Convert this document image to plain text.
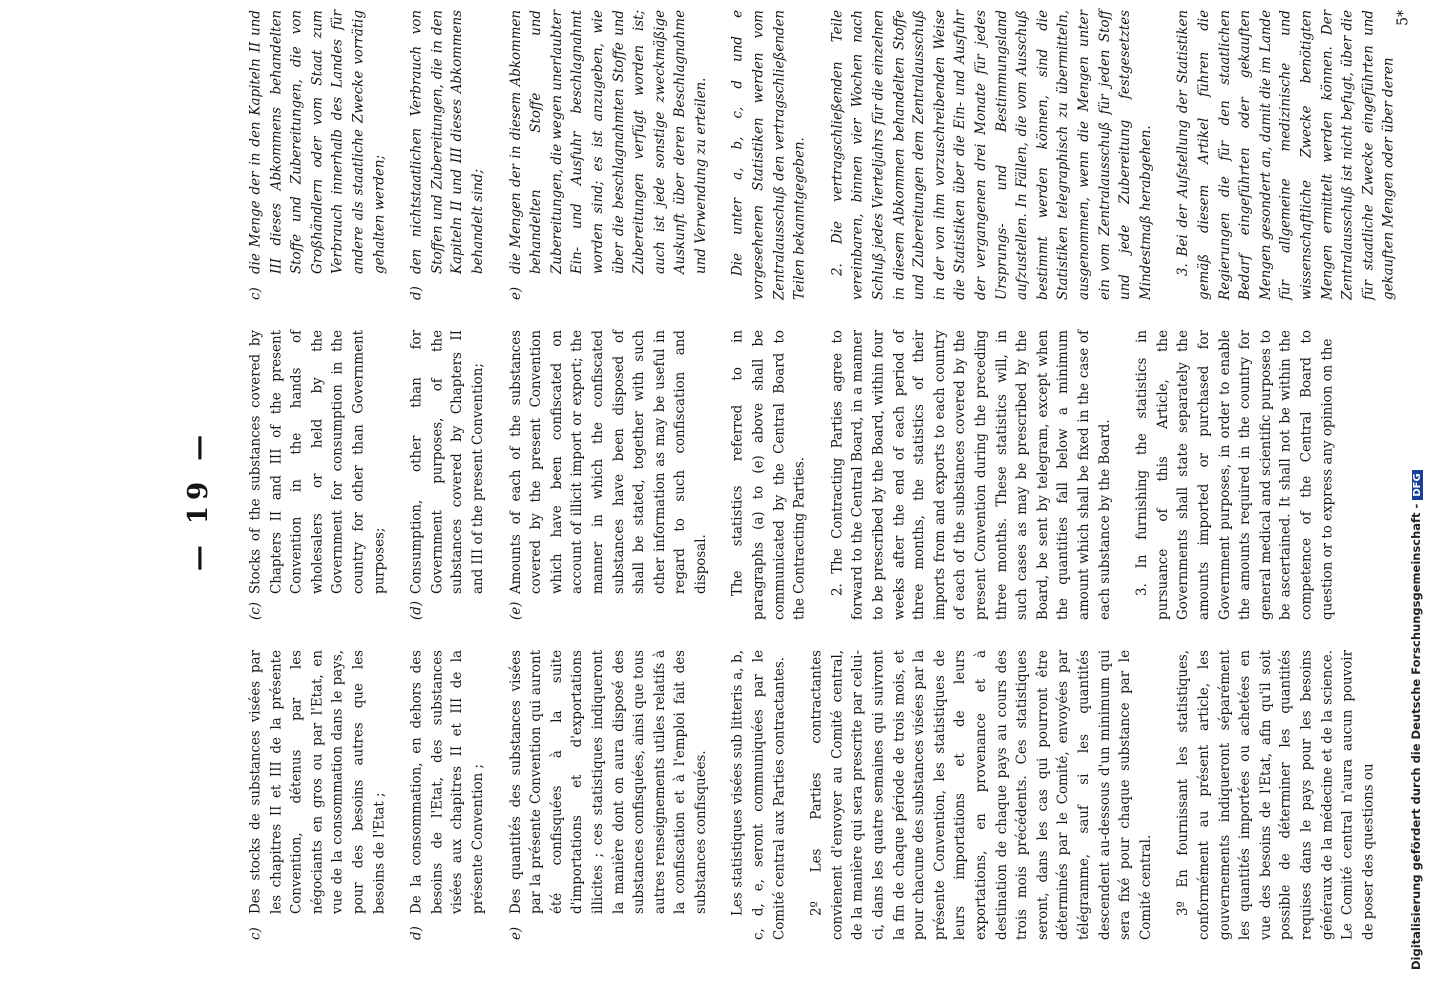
— 19 —
c)
Des stocks de substances visées par les chapitres II et III de la présente Convention, détenus par les négociants en gros ou par l'Etat, en vue de la consommation dans le pays, pour des besoins autres que les besoins de l'Etat ;
d)
De la consommation, en dehors des besoins de l'Etat, des substances visées aux chapitres II et III de la présente Convention ;
e)
Des quantités des substances visées par la présente Convention qui auront été confisquées à la suite d'importations et d'exportations illicites ; ces statistiques indiqueront la manière dont on aura disposé des substances confisquées, ainsi que tous autres renseignements utiles relatifs à la confiscation et à l'emploi fait des substances confisquées. Les statistiques visées sub litteris a, b, c, d, e, seront communiquées par le Comité central aux Parties contractantes. 2º Les Parties contractantes convienent d'envoyer au Comité central, de la manière qui sera prescrite par celui-ci, dans les quatre semaines qui suivront la fin de chaque période de trois mois, et pour chacune des substances visées par la présente Convention, les statistiques de leurs importations et de leurs exportations, en provenance et à destination de chaque pays au cours des trois mois précédents. Ces statistiques seront, dans les cas qui pourront être déterminés par le Comité, envoyées par télégramme, sauf si les quantités descendent au-dessous d'un minimum qui sera fixé pour chaque substance par le Comité central. 3º En fournissant les statistiques, conformément au présent article, les gouvernements indiqueront séparément les quantités importées ou achetées en vue des besoins de l'Etat, afin qu'il soit possible de déterminer les quantités requises dans le pays pour les besoins généraux de la médecine et de la science. Le Comité central n'aura aucun pouvoir de poser des questions ou
(c)
Stocks of the substances covered by Chapters II and III of the present Convention in the hands of wholesalers or held by the Government for consumption in the country for other than Government purposes;
(d)
Consumption, other than for Government purposes, of the substances covered by Chapters II and III of the present Convention;
(e)
Amounts of each of the substances covered by the present Convention which have been confiscated on account of illicit import or export; the manner in which the confiscated substances have been disposed of shall be stated, together with such other information as may be useful in regard to such confiscation and disposal. The statistics referred to in paragraphs (a) to (e) above shall be communicated by the Central Board to the Contracting Parties. 2. The Contracting Parties agree to forward to the Central Board, in a manner to be prescribed by the Board, within four weeks after the end of each period of three months, the statistics of their imports from and exports to each country of each of the substances covered by the present Convention during the preceding three months. These statistics will, in such cases as may be prescribed by the Board, be sent by telegram, except when the quantities fall below a minimum amount which shall be fixed in the case of each substance by the Board. 3. In furnishing the statistics in pursuance of this Article, the Governments shall state separately the amounts imported or purchased for Government purposes, in order to enable the amounts required in the country for general medical and scientific purposes to be ascertained. It shall not be within the competence of the Central Board to question or to express any opinion on the
c)
die Menge der in den Kapiteln II und III dieses Abkommens behandelten Stoffe und Zubereitungen, die von Großhändlern oder vom Staat zum Verbrauch innerhalb des Landes für andere als staatliche Zwecke vorrätig gehalten werden;
d)
den nichtstaatlichen Verbrauch von Stoffen und Zubereitungen, die in den Kapiteln II und III dieses Abkommens behandelt sind;
e)
die Mengen der in diesem Abkommen behandelten Stoffe und Zubereitungen, die wegen unerlaubter Ein- und Ausfuhr beschlagnahmt worden sind; es ist anzugeben, wie über die beschlagnahmten Stoffe und Zubereitungen verfügt worden ist; auch ist jede sonstige zweckmäßige Auskunft über deren Beschlagnahme und Verwendung zu erteilen. Die unter a, b, c, d und e vorgesehenen Statistiken werden vom Zentralausschuß den vertragschließenden Teilen bekanntgegeben. 2. Die vertragschließenden Teile vereinbaren, binnen vier Wochen nach Schluß jedes Vierteljahrs für die einzelnen in diesem Abkommen behandelten Stoffe und Zubereitungen dem Zentralausschuß in der von ihm vorzuschreibenden Weise die Statistiken über die Ein- und Ausfuhr der vergangenen drei Monate für jedes Ursprungs- und Bestimmungsland aufzustellen. In Fällen, die vom Ausschuß bestimmt werden können, sind die Statistiken telegraphisch zu übermitteln, ausgenommen, wenn die Mengen unter ein vom Zentralausschuß für jeden Stoff und jede Zubereitung festgesetztes Mindestmaß herabgehen. 3. Bei der Aufstellung der Statistiken gemäß diesem Artikel führen die Regierungen die für den staatlichen Bedarf eingeführten oder gekauften Mengen gesondert an, damit die im Lande für allgemeine medizinische und wissenschaftliche Zwecke benötigten Mengen ermittelt werden können. Der Zentralausschuß ist nicht befugt, über die für staatliche Zwecke eingeführten und gekauften Mengen oder über deren
5*
Digitalisierung gefördert durch die Deutsche Forschungsgemeinschaft -DFG
